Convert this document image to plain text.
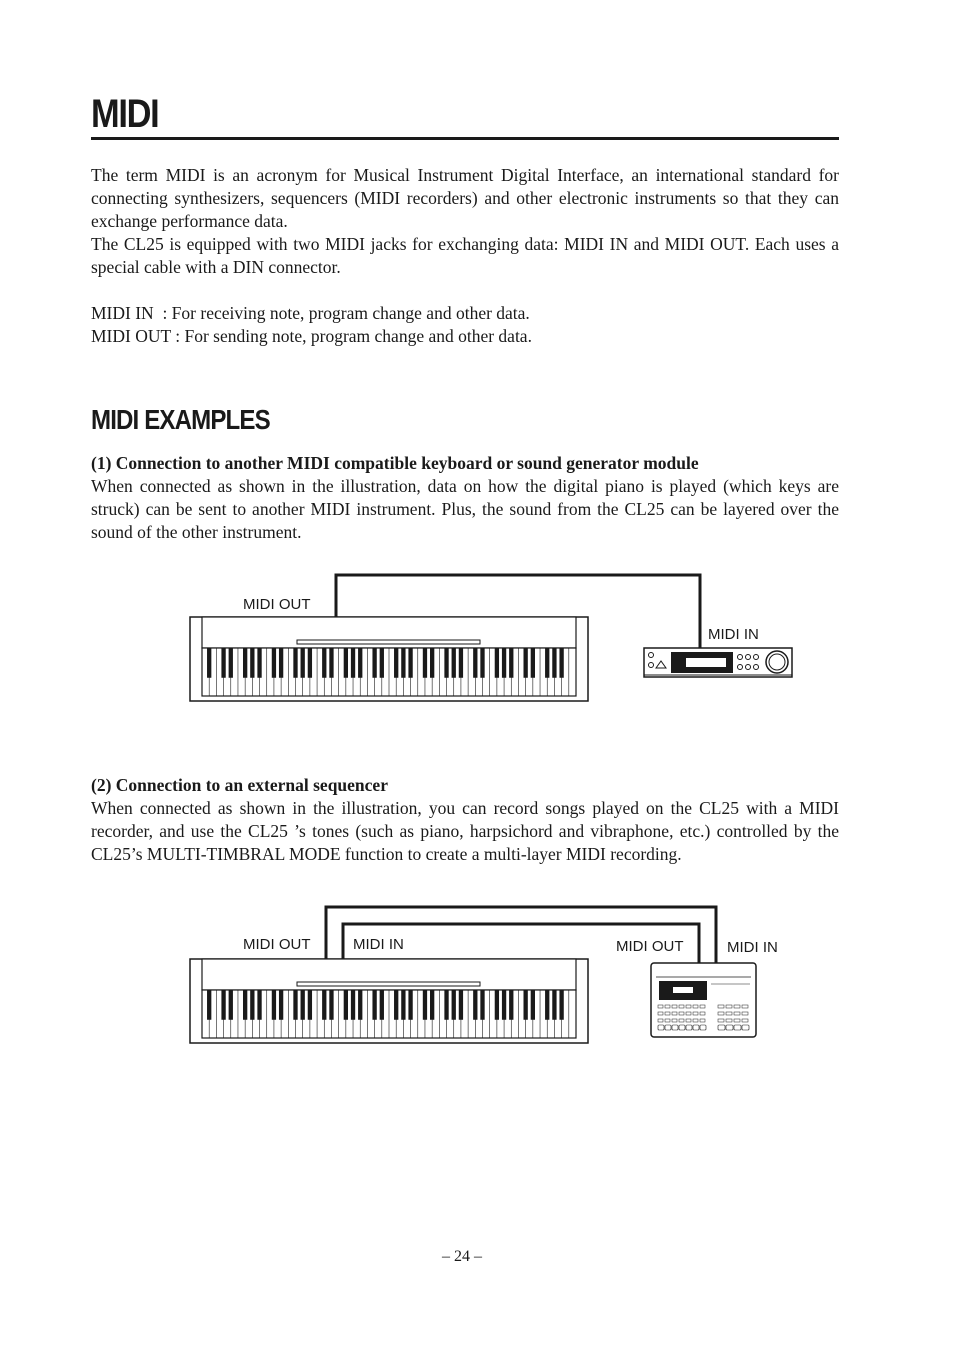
MIDI

The term MIDI is an acronym for Musical Instrument Digital Interface, an international standard for connecting synthesizers, sequencers (MIDI recorders) and other electronic instruments so that they can exchange performance data.

The CL25 is equipped with two MIDI jacks for exchanging data: MIDI IN and MIDI OUT. Each uses a special cable with a DIN connector.

MIDI IN  : For receiving note, program change and other data.

MIDI OUT : For sending note, program change and other data.

MIDI EXAMPLES

(1) Connection to another MIDI compatible keyboard or sound generator module

When connected as shown in the illustration, data on how the digital piano is played (which keys are struck) can be sent to another MIDI instrument. Plus, the sound from the CL25 can be layered over the sound of the other instrument.

(2) Connection to an external sequencer

When connected as shown in the illustration, you can record songs played on the CL25 with a MIDI recorder, and use the CL25 ’s tones (such as piano, harpsichord and vibraphone, etc.) controlled by the CL25’s MULTI-TIMBRAL MODE function to create a multi-layer MIDI recording.

MIDI OUT
MIDI IN
MIDI OUT	MIDI IN	MIDI OUT	MIDI IN
– 24 –
